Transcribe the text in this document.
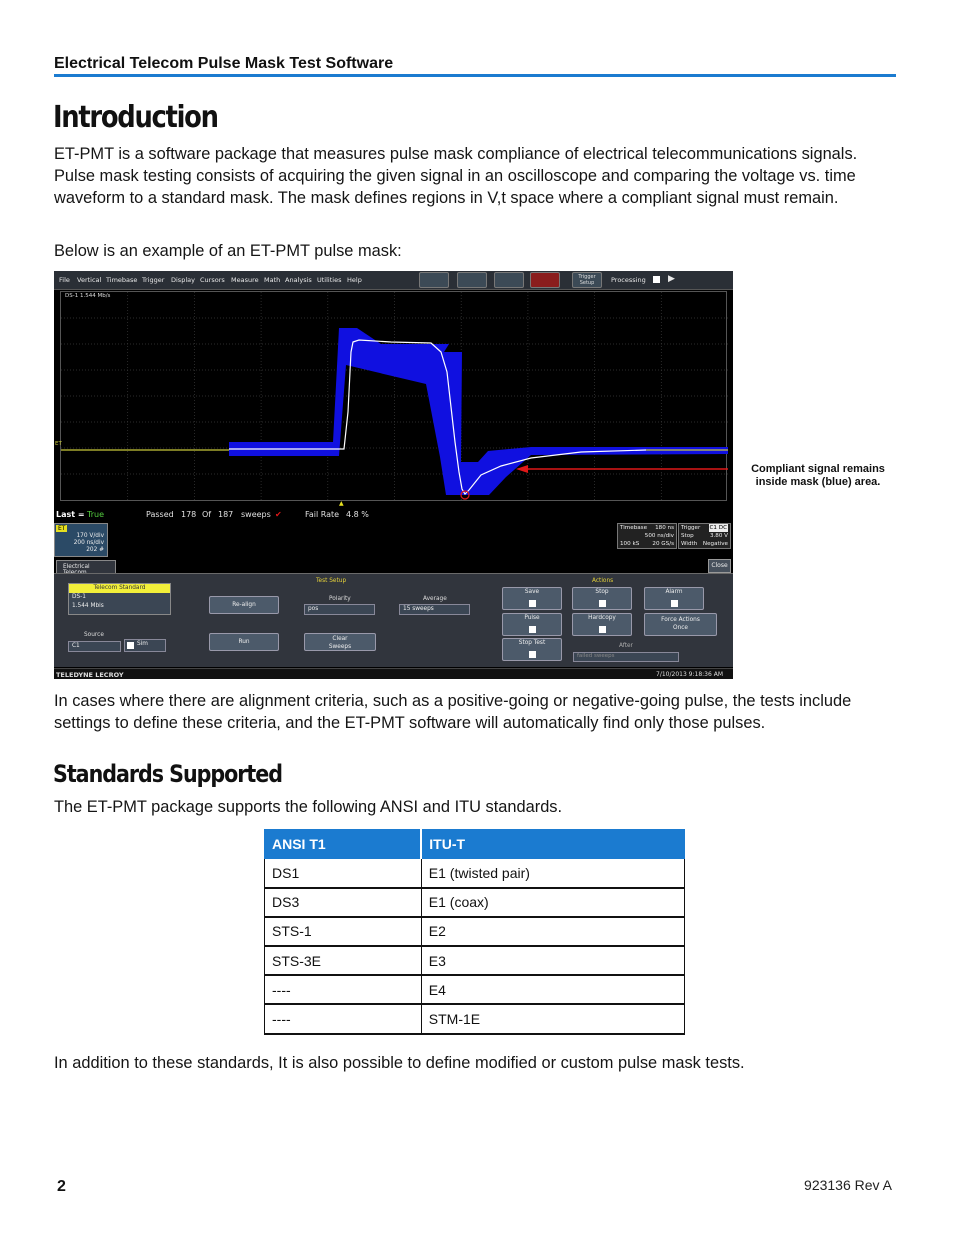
Electrical Telecom Pulse Mask Test Software
Introduction

ET-PMT is a software package that measures pulse mask compliance of electrical telecommunications signals. Pulse mask testing consists of acquiring the given signal in an oscilloscope and comparing the voltage vs. time waveform to a standard mask. The mask defines regions in V,t space where a compliant signal must remain.

Below is an example of an ET-PMT pulse mask:

File Vertical Timebase Trigger Display Cursors Measure Math Analysis Utilities Help	Trigger Setup	Processing ▶
DS-1 1.544 Mb/s
ET
▲
Last = True	Passed 178 Of 187 sweeps ✔	Fail Rate 4.8 %
ET
170 V/div
200 ns/div
202 #
Timebase 180 ns
500 ns/div
100 kS 20 GS/s
Trigger C1 DC
Stop	3.80 V
Width Negative
Electrical	Close
Telecom Standard
DS-1
1.544 Mbis
Source
C1	Sim
Test Setup
Re-align
Run
Polarity
pos
Clear
Sweeps
Average
15 sweeps
Actions
Save	Stop	Alarm
Pulse	Hardcopy	Force Actions
Once
Stop Test	After
failed sweeps
TELEDYNE LECROY	7/10/2013 9:18:36 AM
Compliant signal remains
inside mask (blue) area.

In cases where there are alignment criteria, such as a positive-going or negative-going pulse, the tests include settings to define these criteria, and the ET-PMT software will automatically find only those pulses.

Standards Supported

The ET-PMT package supports the following ANSI and ITU standards.

ANSI T1	ITU-T
DS1	E1 (twisted pair)
DS3	E1 (coax)
STS-1	E2
STS-3E	E3
----	E4
----	STM-1E

In addition to these standards, It is also possible to define modified or custom pulse mask tests.

2	923136 Rev A
